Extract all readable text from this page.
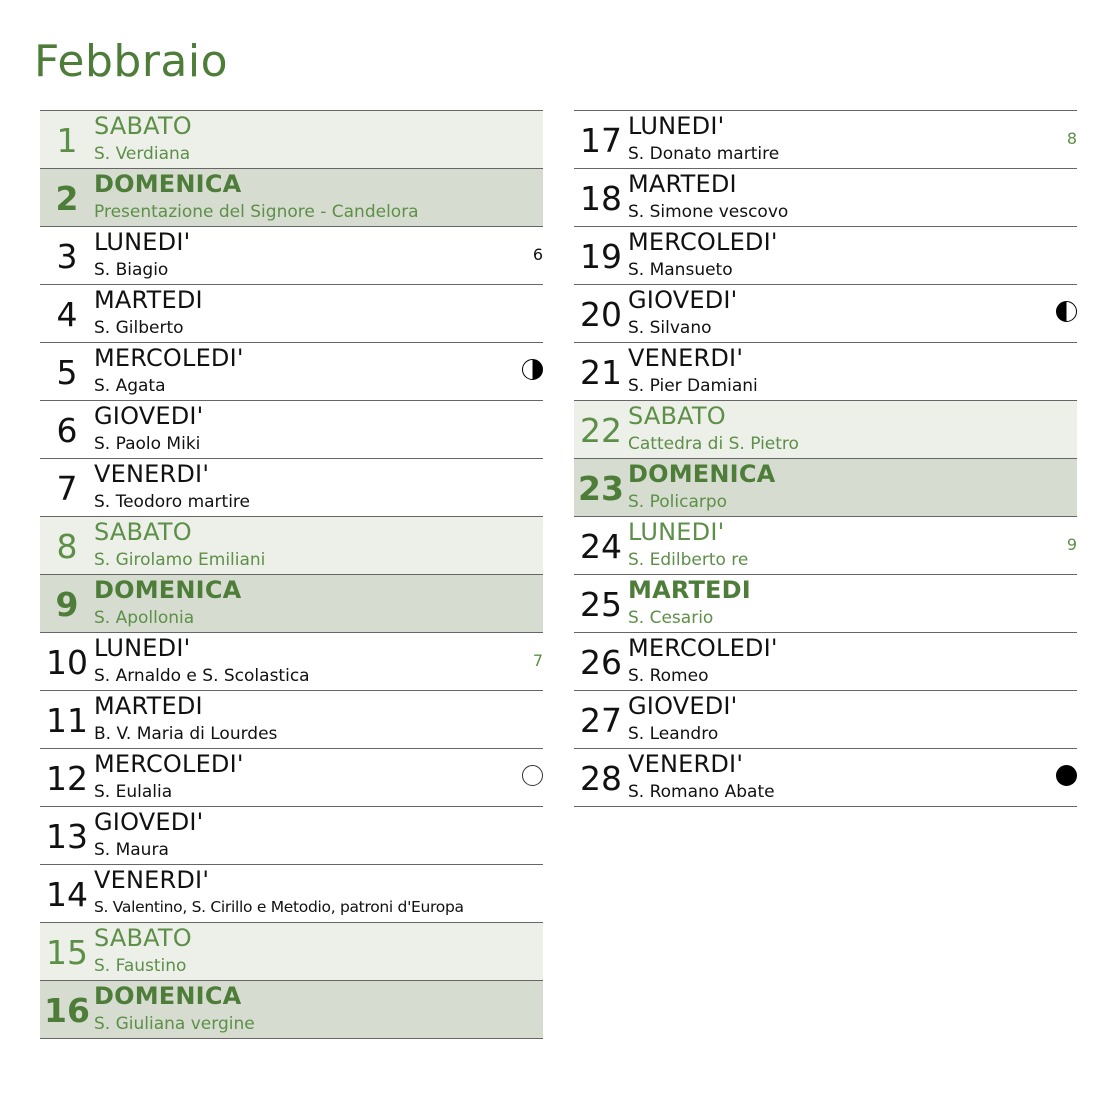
Febbraio
1 SABATO
S. Verdiana
2 DOMENICA
Presentazione del Signore - Candelora
3 LUNEDI'
S. Biagio
6
4 MARTEDI
S. Gilberto
5 MERCOLEDI'
S. Agata
6 GIOVEDI'
S. Paolo Miki
7 VENERDI'
S. Teodoro martire
8 SABATO
S. Girolamo Emiliani
9 DOMENICA
S. Apollonia
10 LUNEDI'
S. Arnaldo e S. Scolastica
7
11 MARTEDI
B. V. Maria di Lourdes
12 MERCOLEDI'
S. Eulalia
13 GIOVEDI'
S. Maura
14 VENERDI'
S. Valentino, S. Cirillo e Metodio, patroni d'Europa
15 SABATO
S. Faustino
16 DOMENICA
S. Giuliana vergine
17 LUNEDI'
S. Donato martire
8
18 MARTEDI
S. Simone vescovo
19 MERCOLEDI'
S. Mansueto
20 GIOVEDI'
S. Silvano
21 VENERDI'
S. Pier Damiani
22 SABATO
Cattedra di S. Pietro
23 DOMENICA
S. Policarpo
24 LUNEDI'
S. Edilberto re
9
25 MARTEDI
S. Cesario
26 MERCOLEDI'
S. Romeo
27 GIOVEDI'
S. Leandro
28 VENERDI'
S. Romano Abate
